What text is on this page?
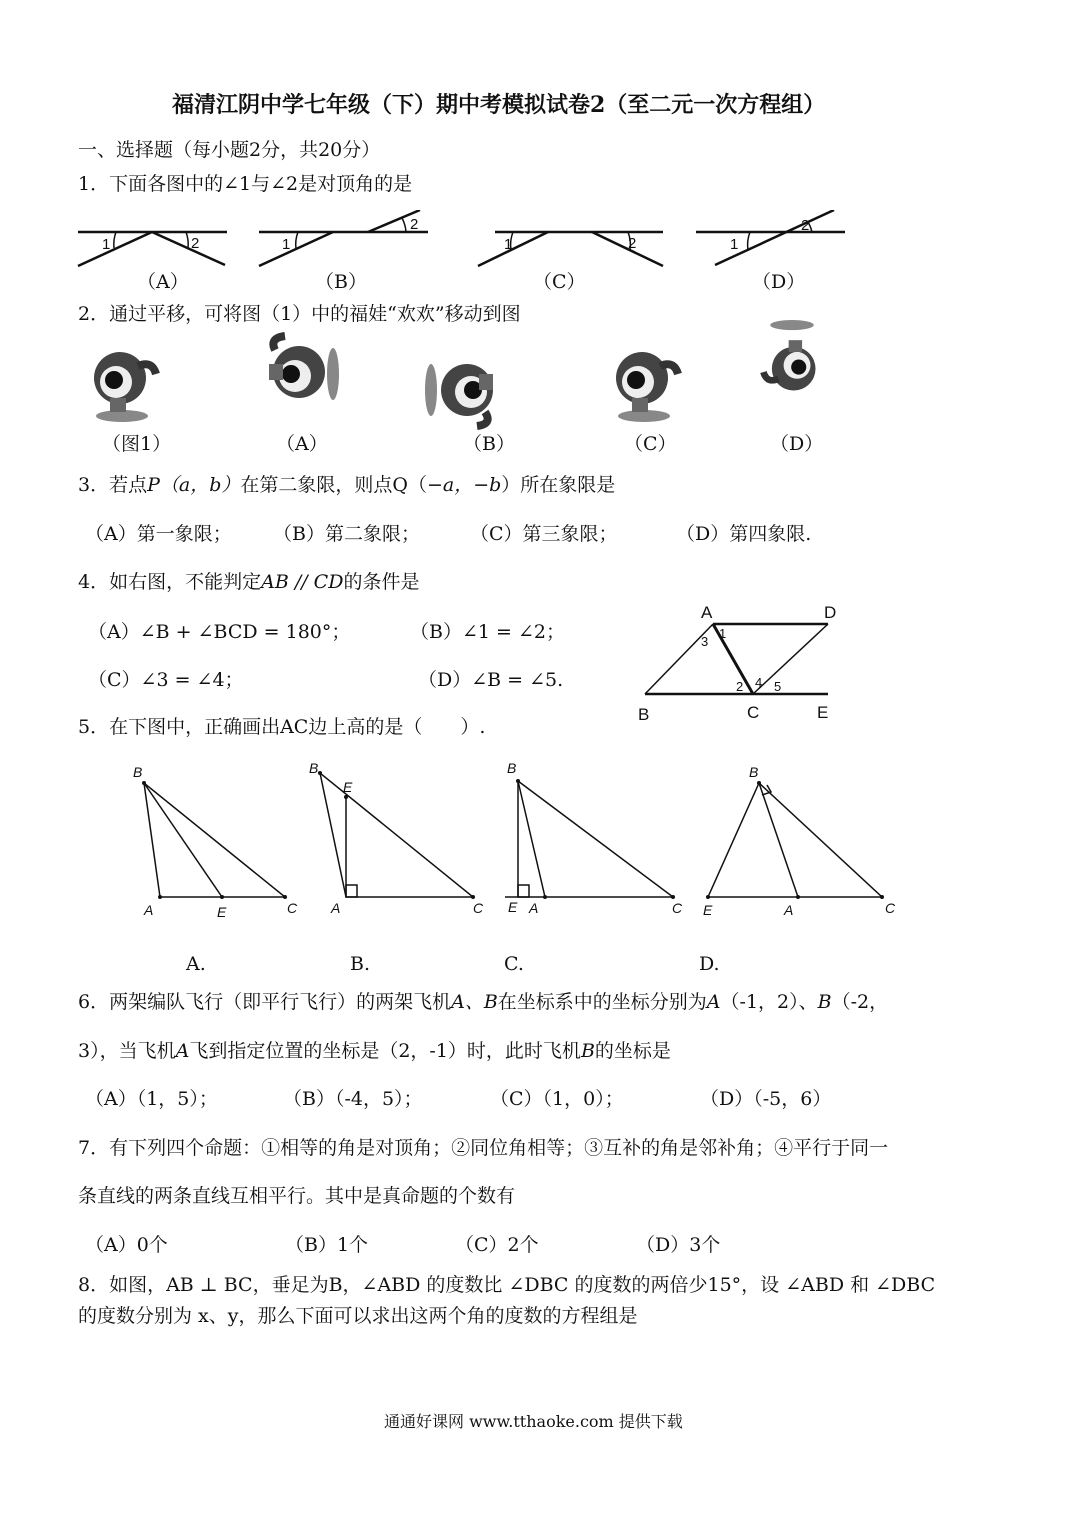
福清江阴中学七年级（下）期中考模拟试卷2（至二元一次方程组）
一、选择题（每小题2分，共20分）
1．下面各图中的∠1与∠2是对顶角的是
1	2	1
2
1	2	1
2
（A）	（B）	（C）	（D）
2．通过平移，可将图（1）中的福娃“欢欢”移动到图
（图1）	（A）	（B）	（C）	（D）
3．若点P（a，b）在第二象限，则点Q（−a，−b）所在象限是
（A）第一象限； （B）第二象限；	（C）第三象限；	（D）第四象限.
4．如右图，不能判定AB // CD的条件是
（A）∠B + ∠BCD = 180°；	（B）∠1 = ∠2；
（C）∠3 = ∠4；	（D）∠B = ∠5.
A	D
B	C	E
1
3
2 4 5
5．在下图中，正确画出AC边上高的是（　　）.
B
A	E	C
B
E
A	C
B
E A	C
B
E	A	C
A.	B.	C.	D.
6．两架编队飞行（即平行飞行）的两架飞机A、B在坐标系中的坐标分别为A（-1，2）、B（-2，
3），当飞机A飞到指定位置的坐标是（2，-1）时，此时飞机B的坐标是
（A）（1，5）；	（B）（-4，5）；	（C）（1，0）；	（D）（-5，6）
7．有下列四个命题：①相等的角是对顶角；②同位角相等；③互补的角是邻补角；④平行于同一
条直线的两条直线互相平行。其中是真命题的个数有
（A）0个	（B）1个	（C）2个	（D）3个
8．如图，AB ⊥ BC，垂足为B，∠ABD 的度数比 ∠DBC 的度数的两倍少15°，设 ∠ABD 和 ∠DBC
的度数分别为 x、y，那么下面可以求出这两个角的度数的方程组是
通通好课网 www.tthaoke.com 提供下载
